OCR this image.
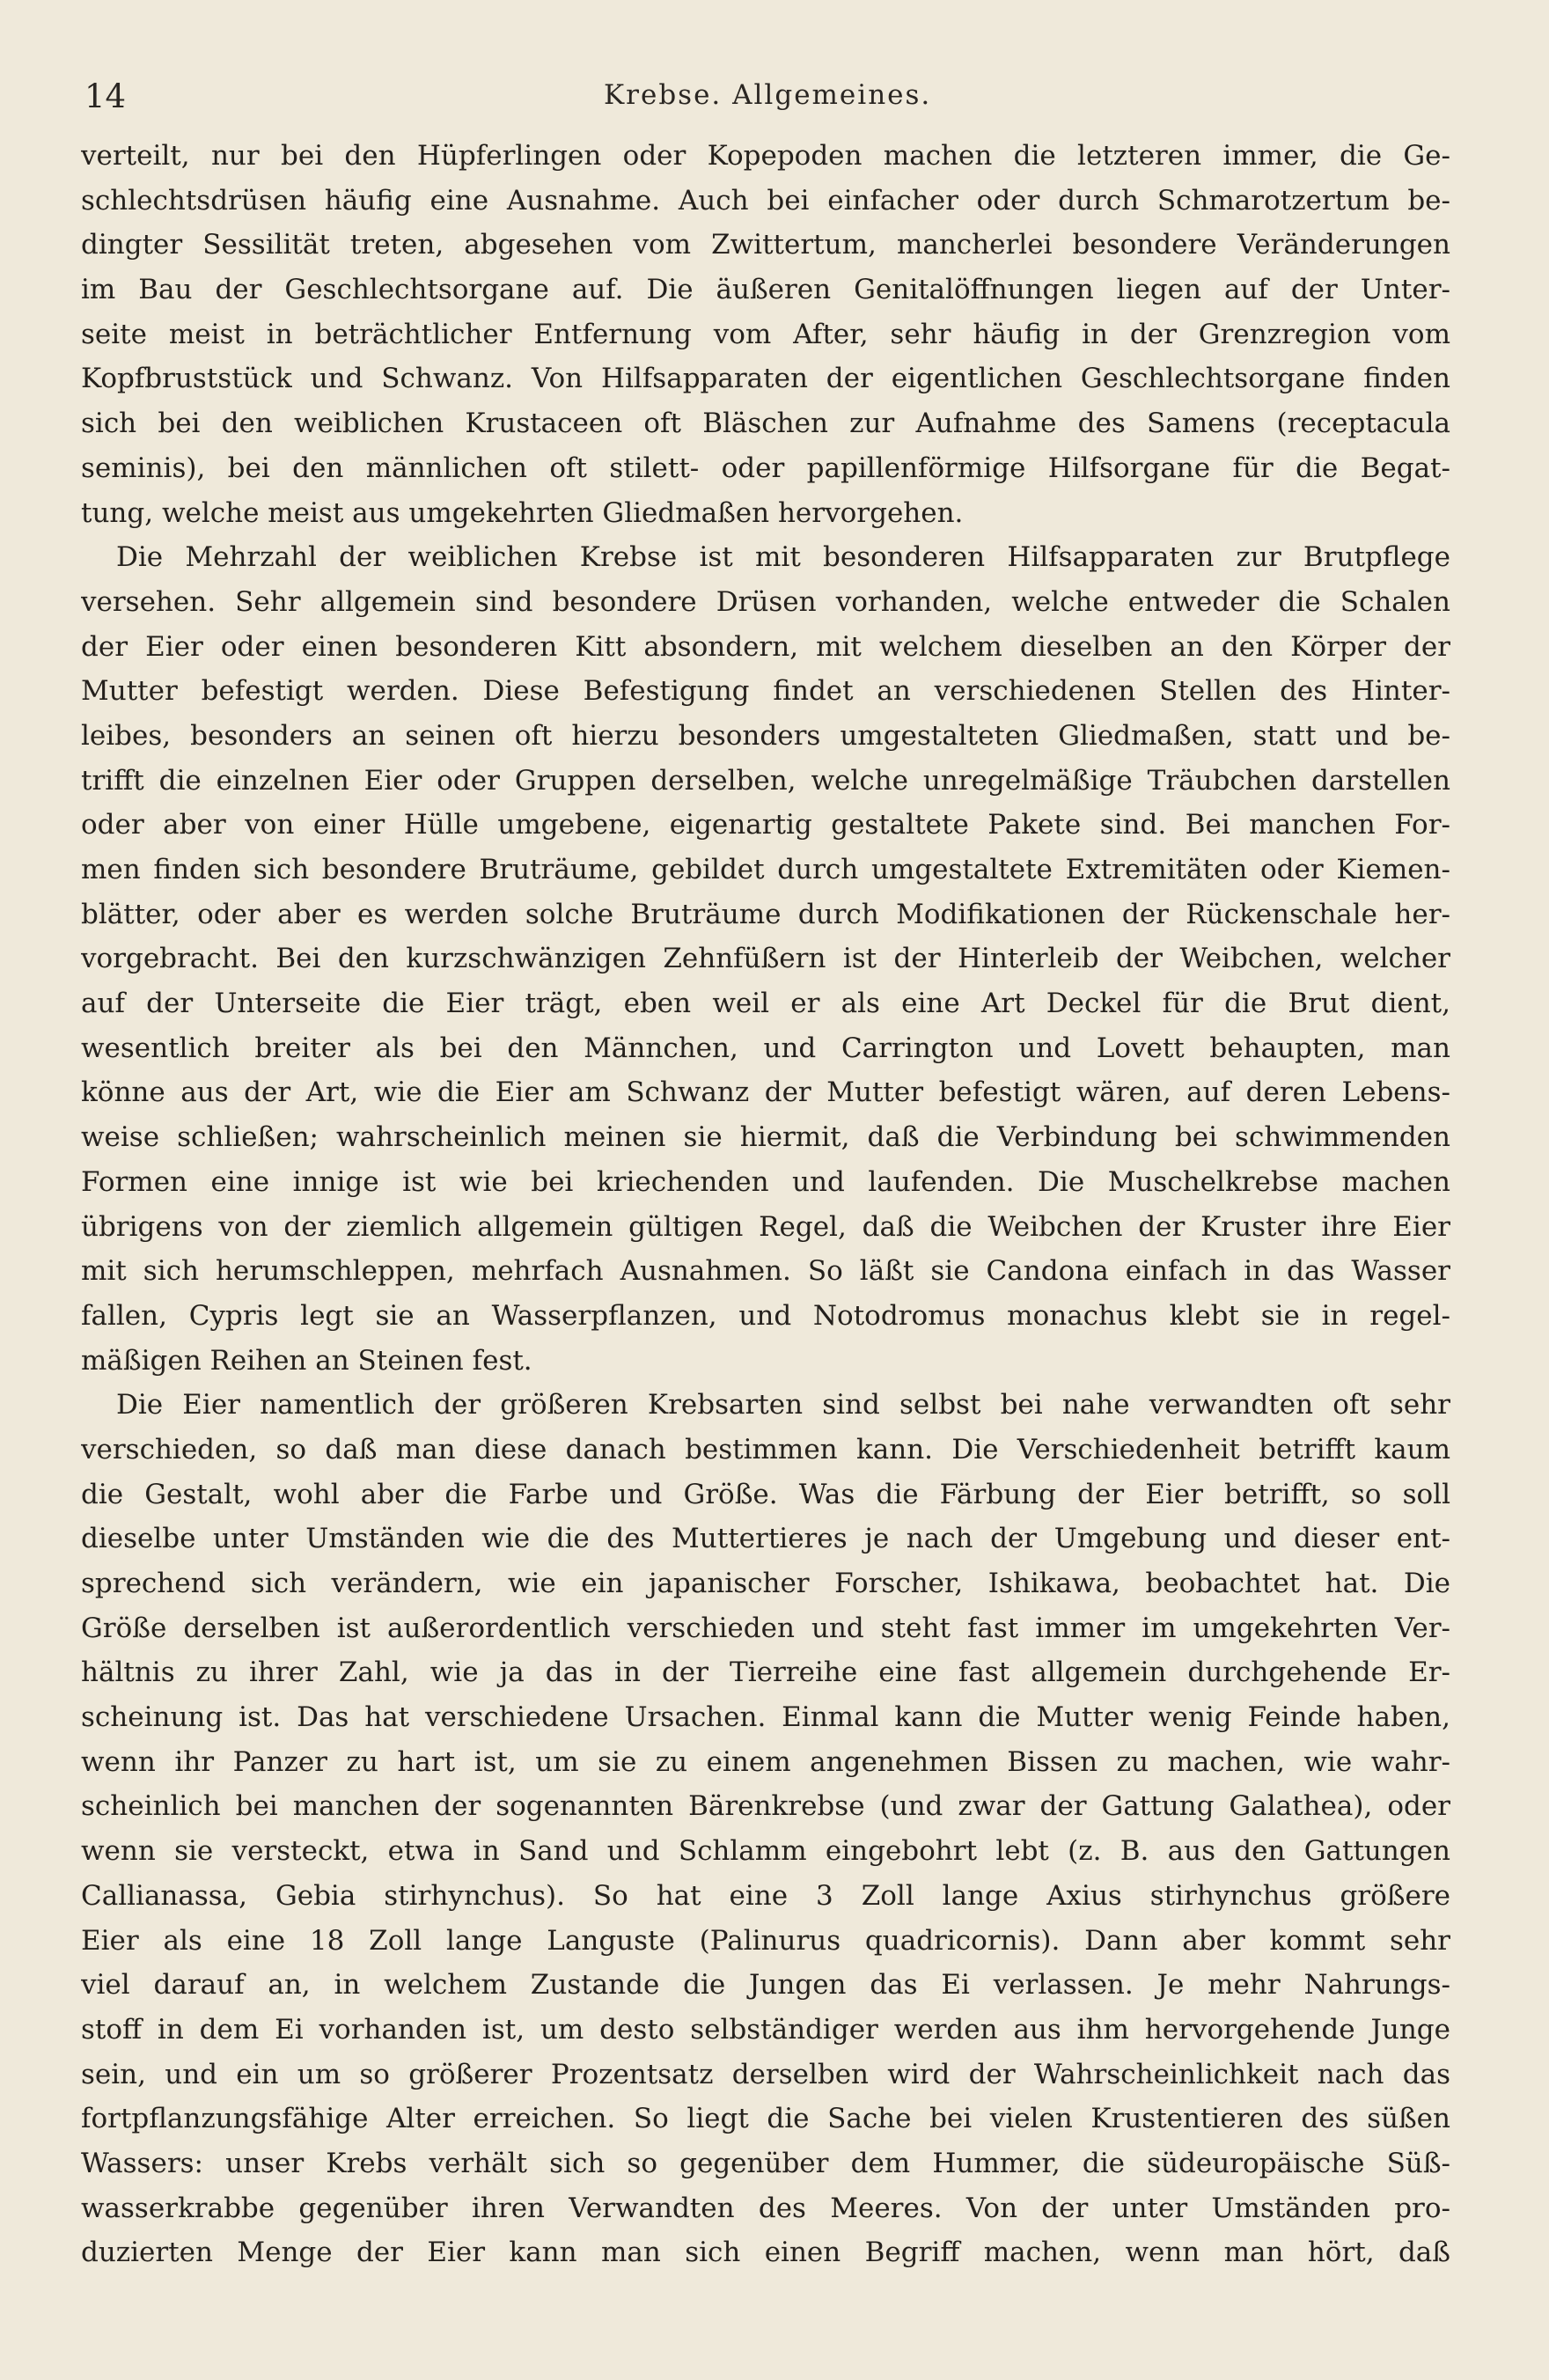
14	Krebse. Allgemeines.
verteilt, nur bei den Hüpferlingen oder Kopepoden machen die letzteren immer, die Ge-
schlechtsdrüsen häufig eine Ausnahme. Auch bei einfacher oder durch Schmarotzertum be-
dingter Sessilität treten, abgesehen vom Zwittertum, mancherlei besondere Veränderungen
im Bau der Geschlechtsorgane auf. Die äußeren Genitalöffnungen liegen auf der Unter-
seite meist in beträchtlicher Entfernung vom After, sehr häufig in der Grenzregion vom
Kopfbruststück und Schwanz. Von Hilfsapparaten der eigentlichen Geschlechtsorgane finden
sich bei den weiblichen Krustaceen oft Bläschen zur Aufnahme des Samens (receptacula
seminis), bei den männlichen oft stilett- oder papillenförmige Hilfsorgane für die Begat-
tung, welche meist aus umgekehrten Gliedmaßen hervorgehen.
Die Mehrzahl der weiblichen Krebse ist mit besonderen Hilfsapparaten zur Brutpflege
versehen. Sehr allgemein sind besondere Drüsen vorhanden, welche entweder die Schalen
der Eier oder einen besonderen Kitt absondern, mit welchem dieselben an den Körper der
Mutter befestigt werden. Diese Befestigung findet an verschiedenen Stellen des Hinter-
leibes, besonders an seinen oft hierzu besonders umgestalteten Gliedmaßen, statt und be-
trifft die einzelnen Eier oder Gruppen derselben, welche unregelmäßige Träubchen darstellen
oder aber von einer Hülle umgebene, eigenartig gestaltete Pakete sind. Bei manchen For-
men finden sich besondere Bruträume, gebildet durch umgestaltete Extremitäten oder Kiemen-
blätter, oder aber es werden solche Bruträume durch Modifikationen der Rückenschale her-
vorgebracht. Bei den kurzschwänzigen Zehnfüßern ist der Hinterleib der Weibchen, welcher
auf der Unterseite die Eier trägt, eben weil er als eine Art Deckel für die Brut dient,
wesentlich breiter als bei den Männchen, und Carrington und Lovett behaupten, man
könne aus der Art, wie die Eier am Schwanz der Mutter befestigt wären, auf deren Lebens-
weise schließen; wahrscheinlich meinen sie hiermit, daß die Verbindung bei schwimmenden
Formen eine innige ist wie bei kriechenden und laufenden. Die Muschelkrebse machen
übrigens von der ziemlich allgemein gültigen Regel, daß die Weibchen der Kruster ihre Eier
mit sich herumschleppen, mehrfach Ausnahmen. So läßt sie Candona einfach in das Wasser
fallen, Cypris legt sie an Wasserpflanzen, und Notodromus monachus klebt sie in regel-
mäßigen Reihen an Steinen fest.
Die Eier namentlich der größeren Krebsarten sind selbst bei nahe verwandten oft sehr
verschieden, so daß man diese danach bestimmen kann. Die Verschiedenheit betrifft kaum
die Gestalt, wohl aber die Farbe und Größe. Was die Färbung der Eier betrifft, so soll
dieselbe unter Umständen wie die des Muttertieres je nach der Umgebung und dieser ent-
sprechend sich verändern, wie ein japanischer Forscher, Ishikawa, beobachtet hat. Die
Größe derselben ist außerordentlich verschieden und steht fast immer im umgekehrten Ver-
hältnis zu ihrer Zahl, wie ja das in der Tierreihe eine fast allgemein durchgehende Er-
scheinung ist. Das hat verschiedene Ursachen. Einmal kann die Mutter wenig Feinde haben,
wenn ihr Panzer zu hart ist, um sie zu einem angenehmen Bissen zu machen, wie wahr-
scheinlich bei manchen der sogenannten Bärenkrebse (und zwar der Gattung Galathea), oder
wenn sie versteckt, etwa in Sand und Schlamm eingebohrt lebt (z. B. aus den Gattungen
Callianassa, Gebia stirhynchus). So hat eine 3 Zoll lange Axius stirhynchus größere
Eier als eine 18 Zoll lange Languste (Palinurus quadricornis). Dann aber kommt sehr
viel darauf an, in welchem Zustande die Jungen das Ei verlassen. Je mehr Nahrungs-
stoff in dem Ei vorhanden ist, um desto selbständiger werden aus ihm hervorgehende Junge
sein, und ein um so größerer Prozentsatz derselben wird der Wahrscheinlichkeit nach das
fortpflanzungsfähige Alter erreichen. So liegt die Sache bei vielen Krustentieren des süßen
Wassers: unser Krebs verhält sich so gegenüber dem Hummer, die südeuropäische Süß-
wasserkrabbe gegenüber ihren Verwandten des Meeres. Von der unter Umständen pro-
duzierten Menge der Eier kann man sich einen Begriff machen, wenn man hört, daß
